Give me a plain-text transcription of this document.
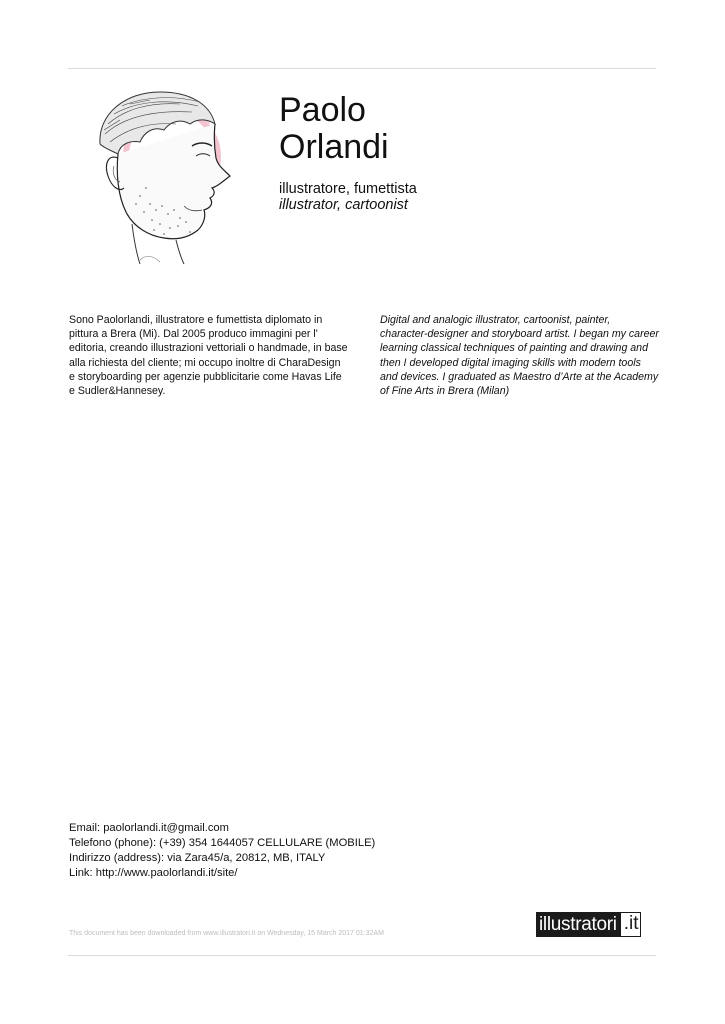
Paolo
Orlandi
illustratore, fumettista
illustrator, cartoonist
Sono Paolorlandi, illustratore e fumettista diplomato in pittura a Brera (Mi). Dal 2005 produco immagini per l' editoria, creando illustrazioni vettoriali o handmade, in base alla richiesta del cliente; mi occupo inoltre di CharaDesign e storyboarding per agenzie pubblicitarie come Havas Life e Sudler&Hannesey.
Digital and analogic illustrator, cartoonist, painter, character-designer and storyboard artist. I began my career learning classical techniques of painting and drawing and then I developed digital imaging skills with modern tools and devices. I graduated as Maestro d’Arte at the Academy of Fine Arts in Brera (Milan)
Email: paolorlandi.it@gmail.com
Telefono (phone): (+39) 354 1644057 CELLULARE (MOBILE)
Indirizzo (address): via Zara45/a, 20812, MB, ITALY
Link: http://www.paolorlandi.it/site/
This document has been downloaded from www.illustratori.it on Wednesday, 15 March 2017 01:32AM	illustratori .it
